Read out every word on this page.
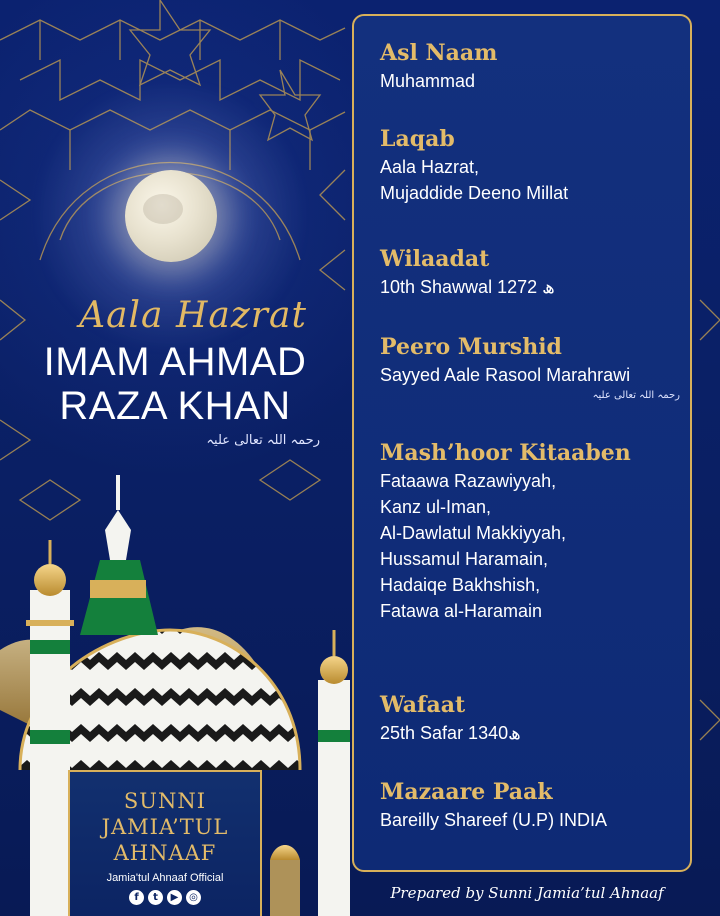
Aala Hazrat
IMAM AHMAD
RAZA KHAN
رحمہ اللہ تعالی علیہ
SUNNI
JAMIA’TUL
AHNAAF
Jamia'tul Ahnaaf Official
f	t	▶	◎
Asl Naam
Muhammad
Laqab
Aala Hazrat,
Mujaddide Deeno Millat
Wilaadat
10th Shawwal 1272 ھ
Peero Murshid
Sayyed Aale Rasool Marahrawi
رحمہ اللہ تعالی علیہ
Mash’hoor Kitaaben
Fataawa Razawiyyah,
Kanz ul-Iman,
Al-Dawlatul Makkiyyah,
Hussamul Haramain,
Hadaiqe Bakhshish,
Fatawa al-Haramain
Wafaat
25th Safar 1340ھ
Mazaare Paak
Bareilly Shareef (U.P) INDIA
Prepared by Sunni Jamia’tul Ahnaaf
